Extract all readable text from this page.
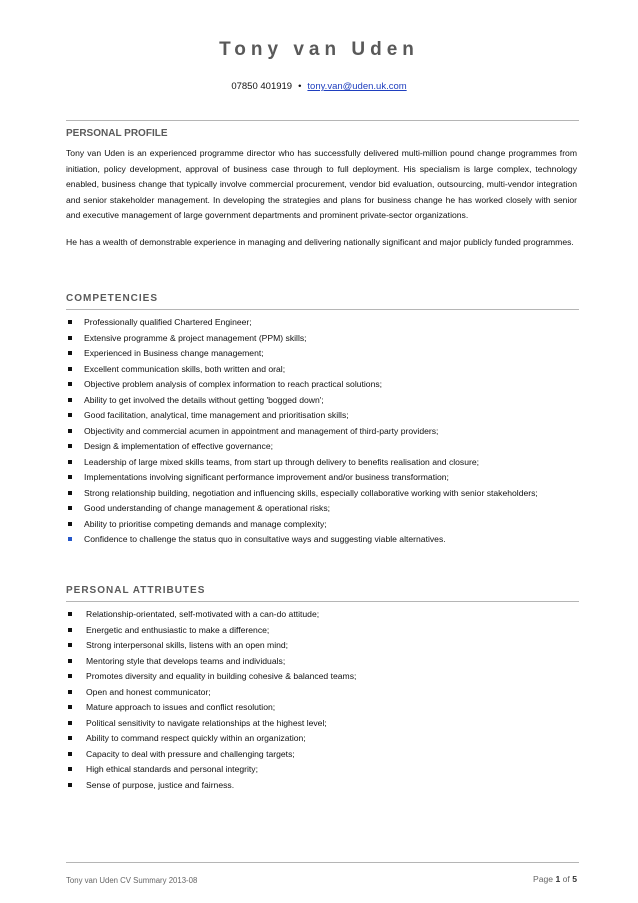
Tony van Uden
07850 401919 • tony.van@uden.uk.com
PERSONAL PROFILE

Tony van Uden is an experienced programme director who has successfully delivered multi-million pound change programmes from initiation, policy development, approval of business case through to full deployment. His specialism is large complex, technology enabled, business change that typically involve commercial procurement, vendor bid evaluation, outsourcing, multi-vendor integration and senior stakeholder management. In developing the strategies and plans for business change he has worked closely with senior and executive management of large government departments and prominent private-sector organizations.

He has a wealth of demonstrable experience in managing and delivering nationally significant and major publicly funded programmes.

COMPETENCIES
Professionally qualified Chartered Engineer;
Extensive programme & project management (PPM) skills;
Experienced in Business change management;
Excellent communication skills, both written and oral;
Objective problem analysis of complex information to reach practical solutions;
Ability to get involved the details without getting 'bogged down';
Good facilitation, analytical, time management and prioritisation skills;
Objectivity and commercial acumen in appointment and management of third-party providers;
Design & implementation of effective governance;
Leadership of large mixed skills teams, from start up through delivery to benefits realisation and closure;
Implementations involving significant performance improvement and/or business transformation;
Strong relationship building, negotiation and influencing skills, especially collaborative working with senior stakeholders;
Good understanding of change management & operational risks;
Ability to prioritise competing demands and manage complexity;
Confidence to challenge the status quo in consultative ways and suggesting viable alternatives.
PERSONAL ATTRIBUTES
Relationship-orientated, self-motivated with a can-do attitude;
Energetic and enthusiastic to make a difference;
Strong interpersonal skills, listens with an open mind;
Mentoring style that develops teams and individuals;
Promotes diversity and equality in building cohesive & balanced teams;
Open and honest communicator;
Mature approach to issues and conflict resolution;
Political sensitivity to navigate relationships at the highest level;
Ability to command respect quickly within an organization;
Capacity to deal with pressure and challenging targets;
High ethical standards and personal integrity;
Sense of purpose, justice and fairness.
Tony van Uden CV Summary 2013-08	Page 1 of 5
